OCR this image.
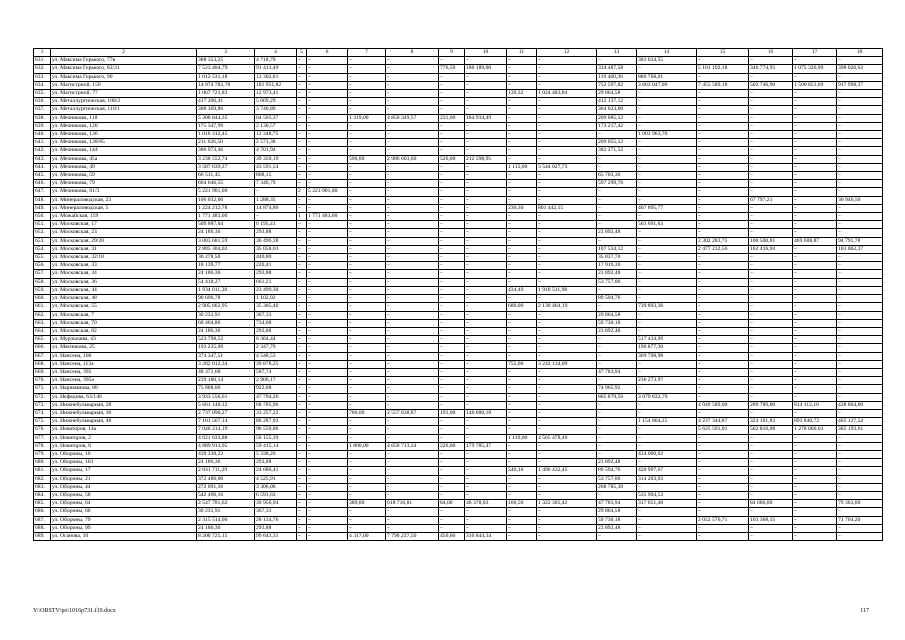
1	2	3	4	5	6	7	8	9	10	11	12	13	14	15	16	17	18
631.	ул. Максима Горького, 77в	388 353,25	4 718,70	–	–	–	–	–	–	–	–	–	383 634,55	–	–	–	–
632.	ул. Максима Горького, 82/31	7 523 404,79	91 413,49	–	–	–	–	776,50	180 189,00	–	–	334 487,58	–	5 101 192,18	346 774,93	1 075 320,99	398 026,62
633.	ул. Максима Горького, 90	1 012 531,18	12 302,81	–	–	–	–	–	–	–	–	119 460,36	880 768,01	–	–	–	–
634.	ул. Магистрной, 156	14 974 782,78	181 951,82	–	–	–	–	–	–	–	–	752 597,82	3 663 047,00	7 455 589,18	502 746,90	1 500 851,69	917 998,37
635.	ул. Магистрной, 77	1 067 721,83	12 973,41	–	–	–	–	–	–	139,32	1 024 483,84	29 864,58	–	–	–	–	–
636.	ул. Металлургическая, 108/2	417 206,41	5 069,29	–	–	–	–	–	–	–	–	412 137,12	–	–	–	–	–
637.	ул. Металлургическая, 110/1	308 369,86	3 746,86	–	–	–	–	–	–	–	–	304 623,00	–	–	–	–	–
638.	ул. Мечникова, 118	5 308 844,35	64 505,37	–	–	1 319,00	4 850 349,57	231,00	184 934,49	–	–	209 085,12	–	–	–	–	–
639.	ул. Мечникова, 120	175 347,99	2 130,57	–	–	–	–	–	–	–	–	173 217,42	–	–	–	–	–
640.	ул. Мечникова, 136	1 016 312,45	12 348,75	–	–	–	–	–	–	–	–	–	1 003 963,70	–	–	–	–
641.	ул. Мечникова, 138/85	211 626,50	2 571,38	–	–	–	–	–	–	–	–	209 055,12	–	–	–	–	–
642.	ул. Мечникова, 144	386 973,46	4 701,94	–	–	–	–	–	–	–	–	382 271,52	–	–	–	–	–
643.	ул. Мечникова, 45а	3 238 552,74	39 350,19	–	–	590,00	2 986 603,60	526,00	212 598,95	–	–	–	–	–	–	–	–
644.	ул. Мечникова, 49	3 587 639,27	43 591,54	–	–	–	–	–	–	1 115,00	3 544 027,73	–	–	–	–	–	–
645.	ул. Мечникова, 59	66 511,45	808,15	–	–	–	–	–	–	–	–	65 703,30	–	–	–	–	–
646.	ул. Мечникова, 79	604 646,55	7 346,79	–	–	–	–	–	–	–	–	597 299,76	–	–	–	–	–
647.	ул. Мечникова, 81/3	5 221 901,00	–	2	5 221 901,00	–	–	–	–	–	–	–	–	–	–	–	–
648.	ул. Минераловодская, 23	106 032,06	1 288,35	–	–	–	–	–	–	–	–	–	–	–	67 797,21	–	36 946,50
649.	ул. Минераловодская, 5	1 224 212,78	14 874,86	–	–	–	–	–	–	236,30	801 442,15	–	407 895,77	–	–	–	–
650.	ул. Можайская, 159	1 771 483,00	–	1	1 771 483,00	–	–	–	–	–	–	–	–	–	–	–	–
651.	ул. Московская, 17	509 887,04	6 195,41	–	–	–	–	–	–	–	–	–	503 691,63	–	–	–	–
652.	ул. Московская, 23	24 186,36	293,88	–	–	–	–	–	–	–	–	23 892,48	–	–	–	–	–
653.	ул. Московская, 29/20	3 003 681,59	36 496,38	–	–	–	–	–	–	–	–	–	–	2 302 283,75	100 500,81	469 608,87	94 791,78
654.	ул. Московская, 31	2 885 304,02	35 058,03	–	–	–	–	–	–	–	–	107 534,12	–	2 477 232,56	162 416,94	–	103 062,37
655.	ул. Московская, 32/18	36 278,50	440,80	–	–	–	–	–	–	–	–	35 837,70	–	–	–	–	–
656.	ул. Московская, 33	18 139,77	220,41	–	–	–	–	–	–	–	–	17 919,36	–	–	–	–	–
657.	ул. Московская, 34	24 186,36	293,88	–	–	–	–	–	–	–	–	23 892,48	–	–	–	–	–
658.	ул. Московская, 36	54 418,27	661,21	–	–	–	–	–	–	–	–	53 757,06	–	–	–	–	–
659.	ул. Московская, 44	1 934 011,28	23 499,30	–	–	–	–	–	–	434,49	1 910 511,98	–	–	–	–	–	–
660.	ул. Московская, 48	90 696,78	1 102,02	–	–	–	–	–	–	–	–	89 594,76	–	–	–	–	–
661.	ул. Московская, 55	2 905 662,95	35 305,40	–	–	–	–	–	–	680,00	2 130 464,19	–	739 893,36	–	–	–	–
662.	ул. Московская, 7	30 231,91	367,33	–	–	–	–	–	–	–	–	29 864,58	–	–	–	–	–
663.	ул. Московская, 70	60 464,86	734,68	–	–	–	–	–	–	–	–	59 730,18	–	–	–	–	–
664.	ул. Московская, 82	24 186,36	293,88	–	–	–	–	–	–	–	–	23 892,48	–	–	–	–	–
665.	ул. Мурлычева, 43	523 798,53	6 364,44	–	–	–	–	–	–	–	–	–	517 434,09	–	–	–	–
666.	ул. Мясникова, 25	193 225,09	2 347,79	–	–	–	–	–	–	–	–	–	190 877,30	–	–	–	–
667.	ул. Нансена, 108	374 347,51	4 548,53	–	–	–	–	–	–	–	–	–	369 798,98	–	–	–	–
668.	ул. Нансена, 113а	3 282 012,34	39 878,25	–	–	–	–	–	–	755,00	3 242 134,09	–	–	–	–	–	–
669.	ул. Нансена, 395	48 371,68	587,74	–	–	–	–	–	–	–	–	47 783,94	–	–	–	–	–
670.	ул. Нансена, 395а	239 180,14	2 906,17	–	–	–	–	–	–	–	–	–	236 273,97	–	–	–	–
671.	ул. Нариманова, 80	75 888,00	922,08	–	–	–	–	–	–	–	–	74 965,92	–	–	–	–	–
672.	ул. Нефедова, 63/146	3 933 556,61	47 794,26	–	–	–	–	–	–	–	–	805 879,56	3 079 832,79	–	–	–	–
673.	ул. Нижнебульварная, 28	5 661 140,12	68 785,96	–	–	–	–	–	–	–	–	–	–	4 049 589,00	289 789,00	814 112,16	438 864,00
674.	ул. Нижнебульварная, 30	2 737 096,27	33 257,22	–	–	760,00	2 557 838,87	191,00	146 000,18	–	–	–	–	–	–	–	–
675.	ул. Нижнебульварная, 48	7 101 567,14	86 287,93	–	–	–	–	–	–	–	–	–	1 154 864,25	4 237 344,87	324 101,83	893 840,72	405 127,54
676.	ул. Новаторов, 14а	7 046 214,19	96 550,86	–	–	–	–	–	–	–	–	–	–	5 625 591,01	562 816,08	1 278 060,63	385 193,61
677.	ул. Новаторов, 2	4 621 633,88	56 155,39	–	–	–	–	–	–	1 110,00	4 565 478,49	–	–	–	–	–	–
678.	ул. Новаторов, 8	4 889 913,95	59 415,14	–	–	1 800,00	4 650 713,34	226,00	179 785,47	–	–	–	–	–	–	–	–
679.	ул. Обороны, 10	439 338,22	5 338,20	–	–	–	–	–	–	–	–	–	434 000,02	–	–	–	–
680.	ул. Обороны, 103	24 186,36	293,88	–	–	–	–	–	–	–	–	23 892,48	–	–	–	–	–
681.	ул. Обороны, 17	2 031 711,29	24 686,41	–	–	–	–	–	–	546,16	1 496 432,45	89 594,76	420 997,67	–	–	–	–
682.	ул. Обороны, 21	372 486,00	4 525,91	–	–	–	–	–	–	–	–	53 757,06	314 203,03	–	–	–	–
683.	ул. Обороны, 44	272 091,36	3 306,06	–	–	–	–	–	–	–	–	268 785,30	–	–	–	–	–
684.	ул. Обороны, 58	542 496,16	6 591,63	–	–	–	–	–	–	–	–	–	535 904,53	–	–	–	–
685.	ул. Обороны, 64	2 547 781,62	30 956,94	–	–	389,00	618 716,81	84,00	46 378,03	160,50	1 322 305,42	47 783,94	317 651,48	–	84 686,00	–	79 303,00
686.	ул. Обороны, 66	30 231,91	367,33	–	–	–	–	–	–	–	–	29 864,58	–	–	–	–	–
687.	ул. Обороны, 79	2 315 514,00	28 134,76	–	–	–	–	–	–	–	–	59 730,18	–	2 052 576,71	103 368,15	–	71 704,20
688.	ул. Обороны, 99	24 186,36	293,88	–	–	–	–	–	–	–	–	23 892,48	–	–	–	–	–
689.	ул. Оганова, 10	8 200 725,15	99 643,31	–	–	4 317,00	7 790 237,50	450,00	310 844,34	–	–	–	–	–	–	–	–
Y:\ORSTV\po\1016p731.f19.docx	117
